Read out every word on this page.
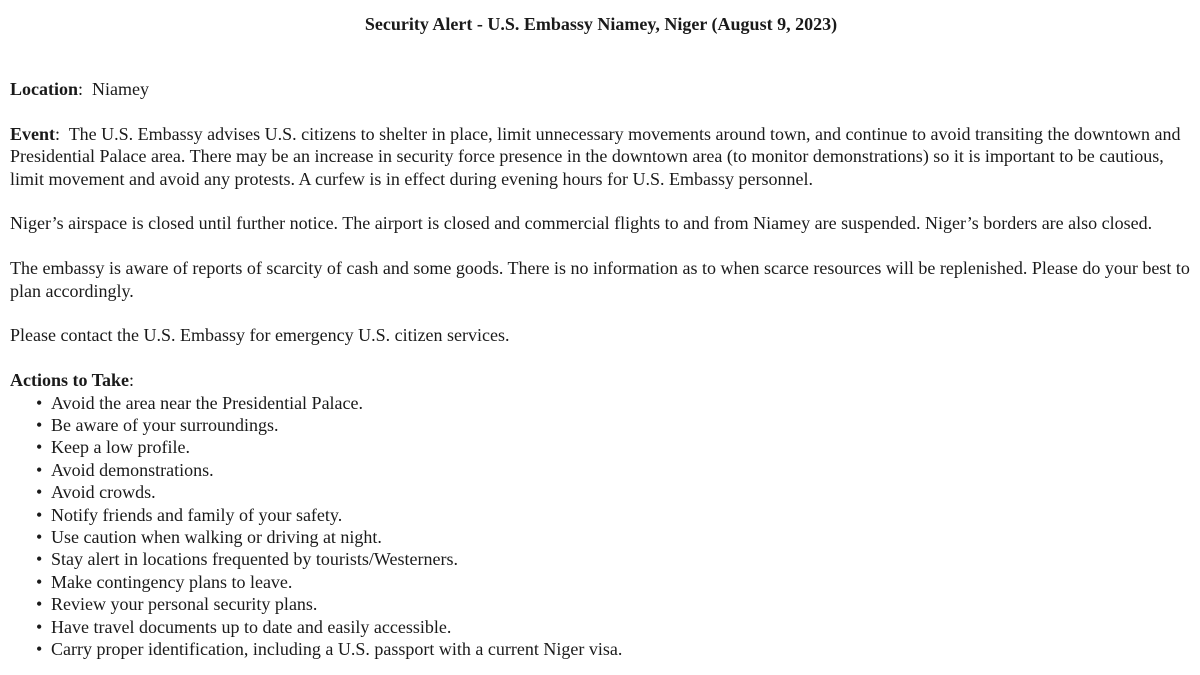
Security Alert - U.S. Embassy Niamey, Niger (August 9, 2023)

Location:  Niamey

Event:  The U.S. Embassy advises U.S. citizens to shelter in place, limit unnecessary movements around town, and continue to avoid transiting the downtown and Presidential Palace area. There may be an increase in security force presence in the downtown area (to monitor demonstrations) so it is important to be cautious, limit movement and avoid any protests. A curfew is in effect during evening hours for U.S. Embassy personnel.

Niger’s airspace is closed until further notice. The airport is closed and commercial flights to and from Niamey are suspended. Niger’s borders are also closed.

The embassy is aware of reports of scarcity of cash and some goods. There is no information as to when scarce resources will be replenished. Please do your best to plan accordingly.

Please contact the U.S. Embassy for emergency U.S. citizen services.

Actions to Take:

• Avoid the area near the Presidential Palace.
• Be aware of your surroundings.
• Keep a low profile.
• Avoid demonstrations.
• Avoid crowds.
• Notify friends and family of your safety.
• Use caution when walking or driving at night.
• Stay alert in locations frequented by tourists/Westerners.
• Make contingency plans to leave.
• Review your personal security plans.
• Have travel documents up to date and easily accessible.
• Carry proper identification, including a U.S. passport with a current Niger visa.
